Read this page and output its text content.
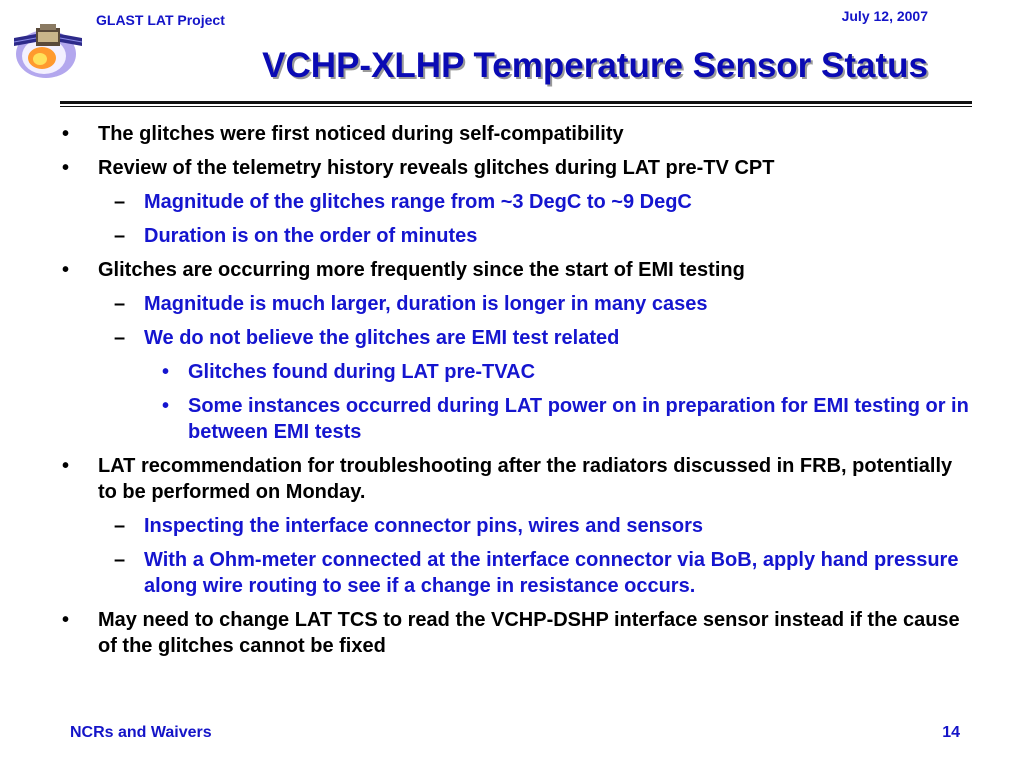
GLAST LAT Project	July 12, 2007
VCHP-XLHP Temperature Sensor Status
• The glitches were first noticed during self-compatibility
• Review of the telemetry history reveals glitches during LAT pre-TV CPT
– Magnitude of the glitches range from ~3 DegC to ~9 DegC
– Duration is on the order of minutes
• Glitches are occurring more frequently since the start of EMI testing
– Magnitude is much larger, duration is longer in many cases
– We do not believe the glitches are EMI test related
• Glitches found during LAT pre-TVAC
• Some instances occurred during LAT power on in preparation for EMI testing or in between EMI tests
• LAT recommendation for troubleshooting after the radiators discussed in FRB, potentially to be performed on Monday.
– Inspecting the interface connector pins, wires and sensors
– With a Ohm-meter connected at the interface connector via BoB, apply hand pressure along wire routing to see if a change in resistance occurs.
• May need to change LAT TCS to read the VCHP-DSHP interface sensor instead if the cause of the glitches cannot be fixed
NCRs and Waivers	14
